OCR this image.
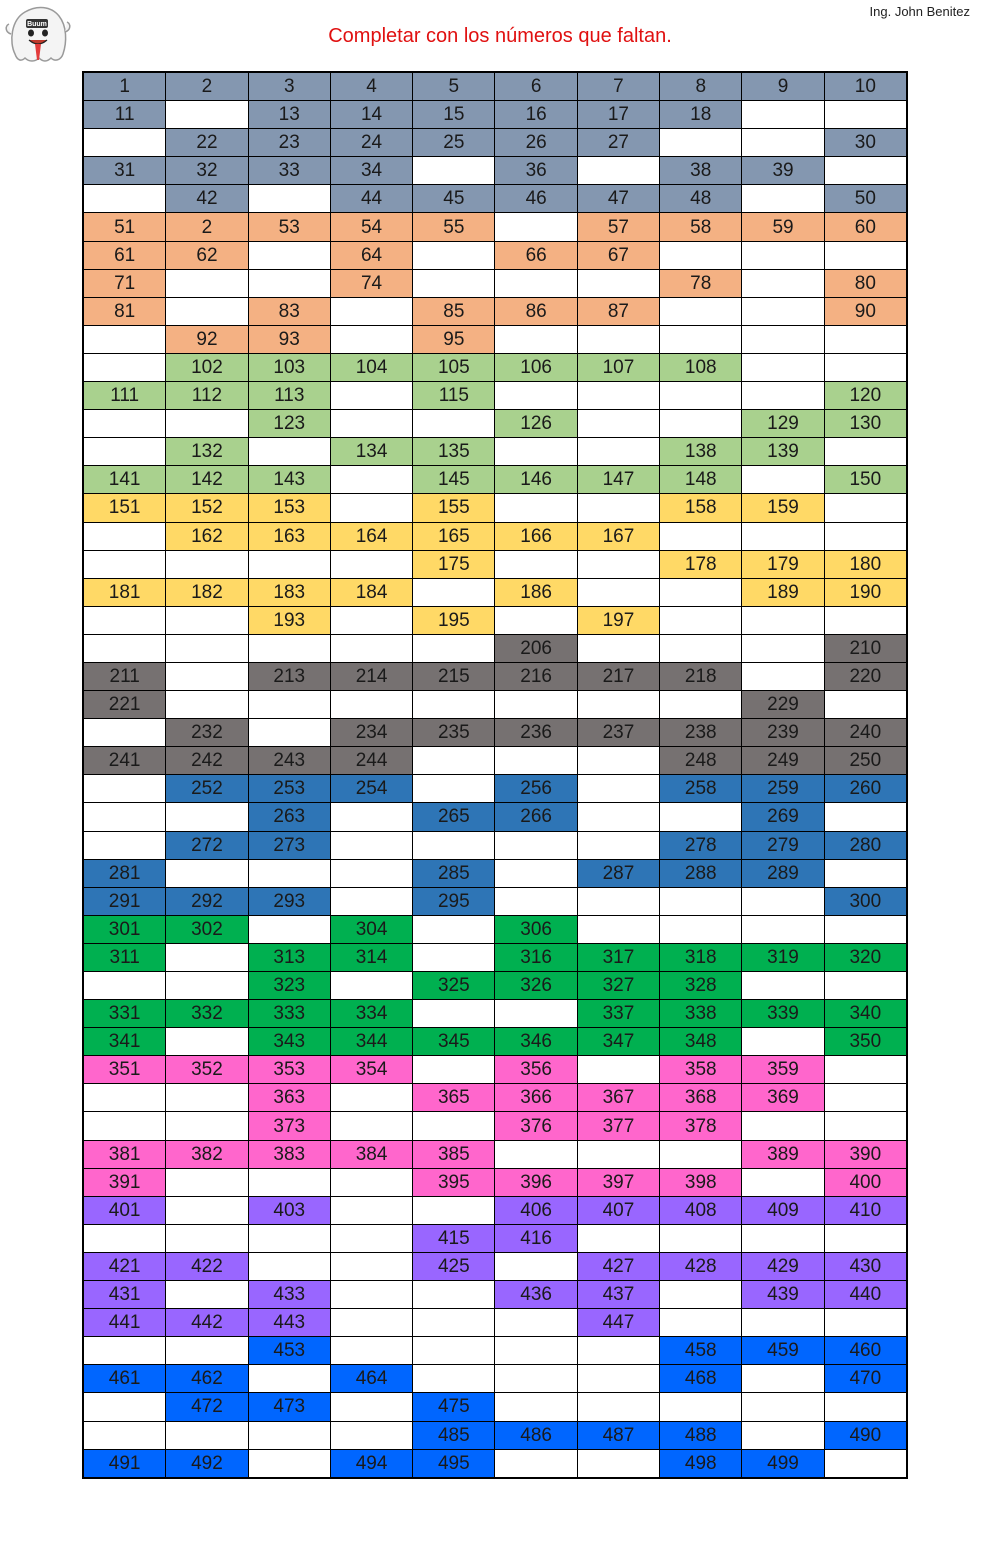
Buum
Completar con los números que faltan.
Ing. John Benitez
1	2	3	4	5	6	7	8	9	10
11		13	14	15	16	17	18		
	22	23	24	25	26	27			30
31	32	33	34		36		38	39	
	42		44	45	46	47	48		50
51	2	53	54	55		57	58	59	60
61	62		64		66	67			
71			74				78		80
81		83		85	86	87			90
	92	93		95					
	102	103	104	105	106	107	108		
111	112	113		115					120
		123			126			129	130
	132		134	135			138	139	
141	142	143		145	146	147	148		150
151	152	153		155			158	159	
	162	163	164	165	166	167			
				175			178	179	180
181	182	183	184		186			189	190
		193		195		197			
					206				210
211		213	214	215	216	217	218		220
221								229	
	232		234	235	236	237	238	239	240
241	242	243	244				248	249	250
	252	253	254		256		258	259	260
		263		265	266			269	
	272	273					278	279	280
281				285		287	288	289	
291	292	293		295					300
301	302		304		306				
311		313	314		316	317	318	319	320
		323		325	326	327	328		
331	332	333	334			337	338	339	340
341		343	344	345	346	347	348		350
351	352	353	354		356		358	359	
		363		365	366	367	368	369	
		373			376	377	378		
381	382	383	384	385				389	390
391				395	396	397	398		400
401		403			406	407	408	409	410
				415	416				
421	422			425		427	428	429	430
431		433			436	437		439	440
441	442	443				447			
		453					458	459	460
461	462		464				468		470
	472	473		475					
				485	486	487	488		490
491	492		494	495			498	499	
